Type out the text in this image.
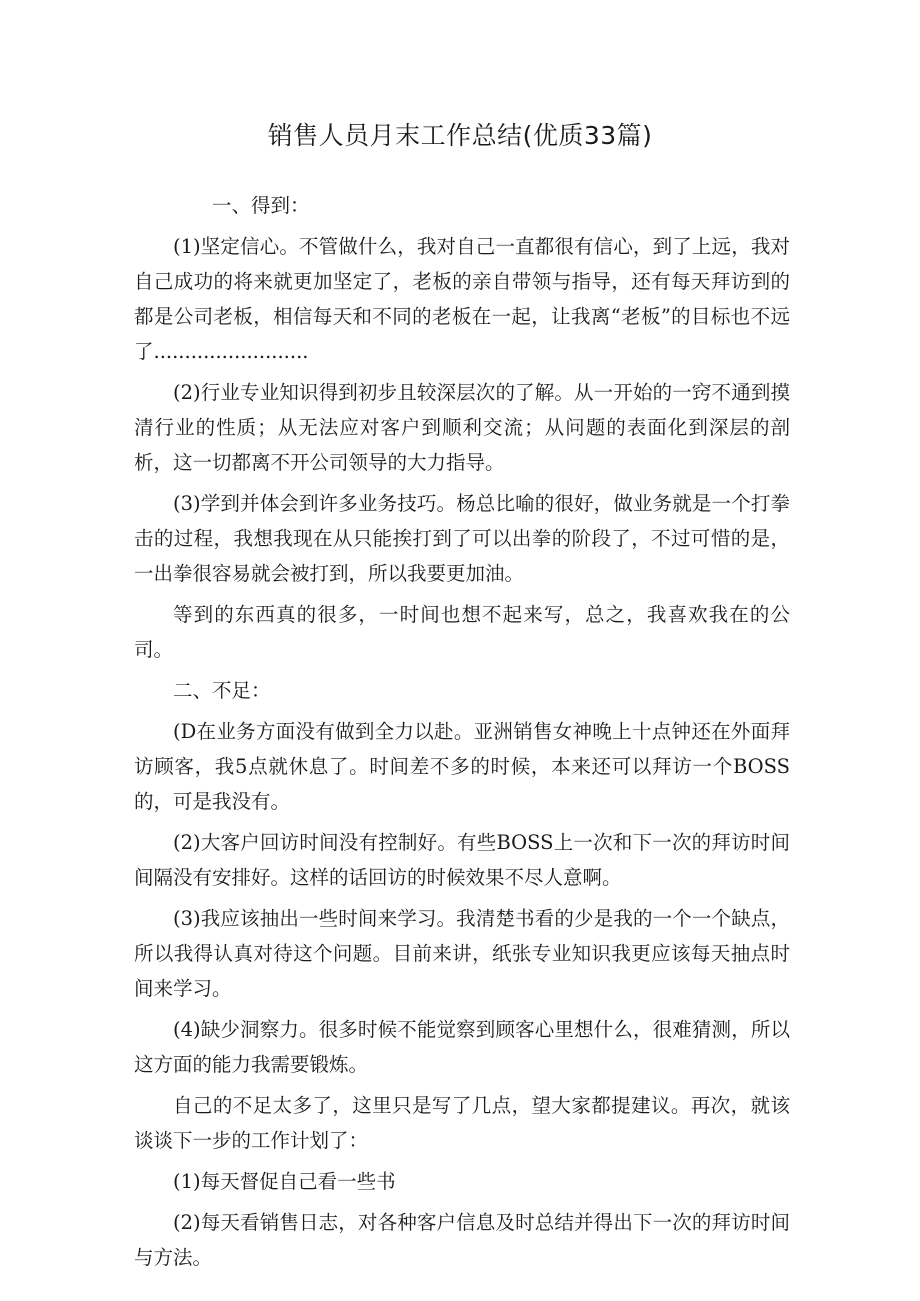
销售人员月末工作总结(优质33篇)

一、得到：

(1)坚定信心。不管做什么，我对自己一直都很有信心，到了上远，我对自己成功的将来就更加坚定了，老板的亲自带领与指导，还有每天拜访到的都是公司老板，相信每天和不同的老板在一起，让我离“老板”的目标也不远了.........................

(2)行业专业知识得到初步且较深层次的了解。从一开始的一窍不通到摸清行业的性质；从无法应对客户到顺利交流；从问题的表面化到深层的剖析，这一切都离不开公司领导的大力指导。

(3)学到并体会到许多业务技巧。杨总比喻的很好，做业务就是一个打拳击的过程，我想我现在从只能挨打到了可以出拳的阶段了，不过可惜的是，一出拳很容易就会被打到，所以我要更加油。

等到的东西真的很多，一时间也想不起来写，总之，我喜欢我在的公司。

二、不足：

(D在业务方面没有做到全力以赴。亚洲销售女神晚上十点钟还在外面拜访顾客，我5点就休息了。时间差不多的时候，本来还可以拜访一个BOSS的，可是我没有。

(2)大客户回访时间没有控制好。有些BOSS上一次和下一次的拜访时间间隔没有安排好。这样的话回访的时候效果不尽人意啊。

(3)我应该抽出一些时间来学习。我清楚书看的少是我的一个一个缺点，所以我得认真对待这个问题。目前来讲，纸张专业知识我更应该每天抽点时间来学习。

(4)缺少洞察力。很多时候不能觉察到顾客心里想什么，很难猜测，所以这方面的能力我需要锻炼。

自己的不足太多了，这里只是写了几点，望大家都提建议。再次，就该谈谈下一步的工作计划了：

(1)每天督促自己看一些书

(2)每天看销售日志，对各种客户信息及时总结并得出下一次的拜访时间与方法。
